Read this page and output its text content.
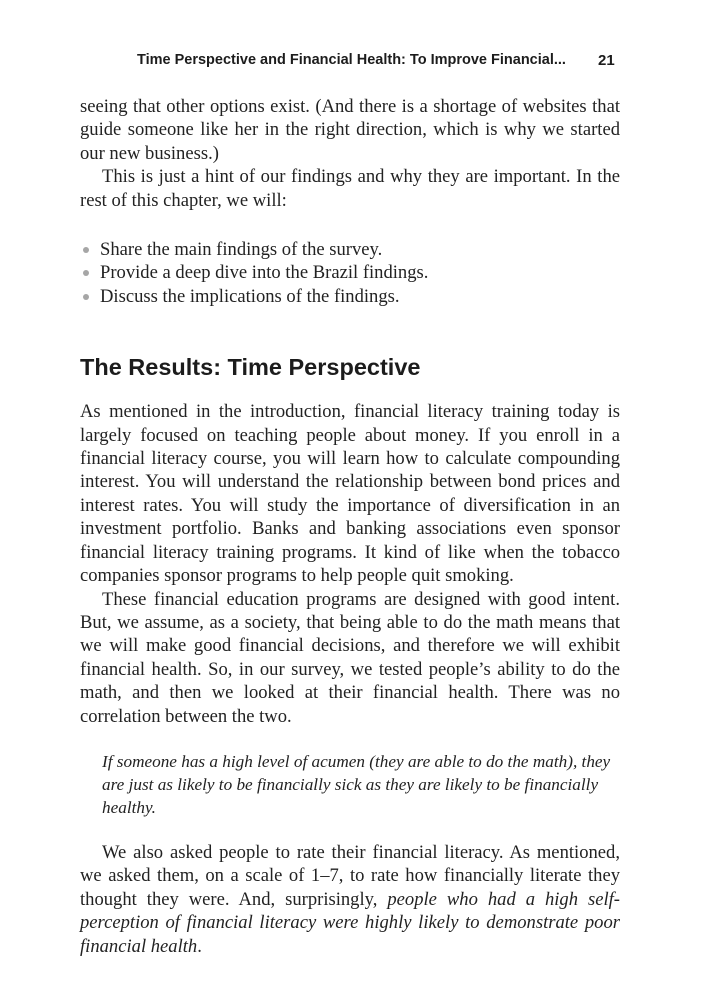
Time Perspective and Financial Health: To Improve Financial... 21

seeing that other options exist. (And there is a shortage of websites that guide someone like her in the right direction, which is why we started our new business.)

This is just a hint of our findings and why they are important. In the rest of this chapter, we will:

Share the main findings of the survey.
Provide a deep dive into the Brazil findings.
Discuss the implications of the findings.
The Results: Time Perspective

As mentioned in the introduction, financial literacy training today is largely focused on teaching people about money. If you enroll in a financial literacy course, you will learn how to calculate compounding interest. You will understand the relationship between bond prices and interest rates. You will study the importance of diversification in an investment portfolio. Banks and banking associations even sponsor financial literacy training programs. It kind of like when the tobacco companies sponsor programs to help people quit smoking.

These financial education programs are designed with good intent. But, we assume, as a society, that being able to do the math means that we will make good financial decisions, and therefore we will exhibit financial health. So, in our survey, we tested people’s ability to do the math, and then we looked at their financial health. There was no correlation between the two.

If someone has a high level of acumen (they are able to do the math), they are just as likely to be financially sick as they are likely to be financially healthy.

We also asked people to rate their financial literacy. As mentioned, we asked them, on a scale of 1–7, to rate how financially literate they thought they were. And, surprisingly, people who had a high self-perception of financial literacy were highly likely to demonstrate poor financial health.
